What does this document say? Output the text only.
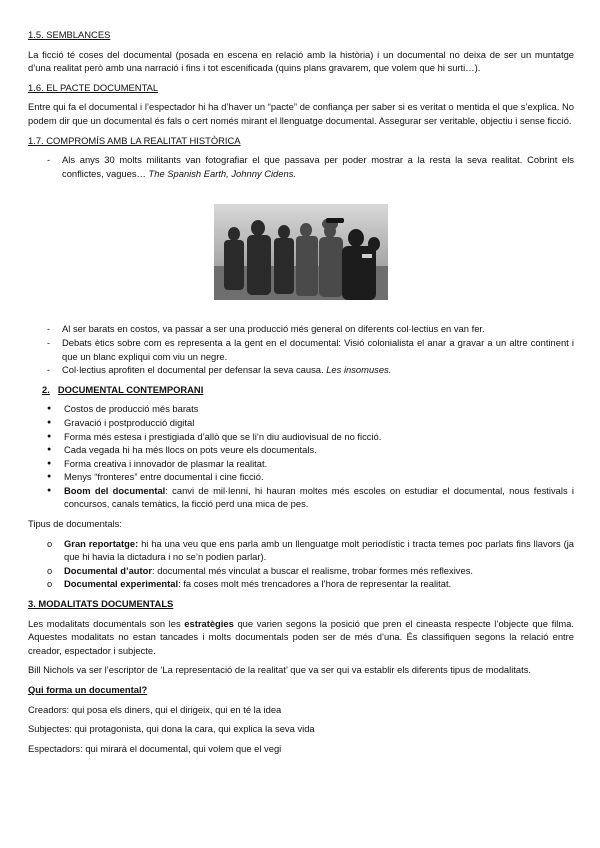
1.5. SEMBLANCES

La ficció té coses del documental (posada en escena en relació amb la història) i un documental no deixa de ser un muntatge d’una realitat però amb una narració i fins i tot escenificada (quins plans gravarem, que volem que hi surti…).

1.6. EL PACTE DOCUMENTAL

Entre qui fa el documental i l’espectador hi ha d’haver un “pacte” de confiança per saber si es veritat o mentida el que s’explica. No podem dir que un documental és fals o cert només mirant el llenguatge documental. Assegurar ser veritable, objectiu i sense ficció.

1.7. COMPROMÍS AMB LA REALITAT HISTÒRICA

- Als anys 30 molts militants van fotografiar el que passava per poder mostrar a la resta la seva realitat. Cobrint els conflictes, vagues… The Spanish Earth, Johnny Cidens.
- Al ser barats en costos, va passar a ser una producció més general on diferents col·lectius en van fer.
- Debats ètics sobre com es representa a la gent en el documental: Visió colonialista el anar a gravar a un altre continent i que un blanc expliqui com viu un negre.
- Col·lectius aprofiten el documental per defensar la seva causa. Les insomuses.

2. DOCUMENTAL CONTEMPORANI

● Costos de producció més barats
● Gravació i postproducció digital
● Forma més estesa i prestigiada d’allò que se li’n diu audiovisual de no ficció.
● Cada vegada hi ha més llocs on pots veure els documentals.
● Forma creativa i innovador de plasmar la realitat.
● Menys “fronteres” entre documental i cine ficció.
● Boom del documental: canvi de mil·lenni, hi hauran moltes més escoles on estudiar el documental, nous festivals i concursos, canals temàtics, la ficció perd una mica de pes.

Tipus de documentals:

o Gran reportatge: hi ha una veu que ens parla amb un llenguatge molt periodístic i tracta temes poc parlats fins llavors (ja que hi havia la dictadura i no se’n podien parlar).
o Documental d’autor: documental més vinculat a buscar el realisme, trobar formes més reflexives.
o Documental experimental: fa coses molt més trencadores a l’hora de representar la realitat.

3. MODALITATS DOCUMENTALS

Les modalitats documentals son les estratègies que varien segons la posició que pren el cineasta respecte l’objecte que filma. Aquestes modalitats no estan tancades i molts documentals poden ser de més d’una. És classifiquen segons la relació entre creador, espectador i subjecte.

Bill Nichols va ser l’escriptor de ‘La representació de la realitat’ que va ser qui va establir els diferents tipus de modalitats.

Qui forma un documental?

Creadors: qui posa els diners, qui el dirigeix, qui en té la idea

Subjectes: qui protagonista, qui dona la cara, qui explica la seva vida

Espectadors: qui mirarà el documental, qui volem que el vegi
